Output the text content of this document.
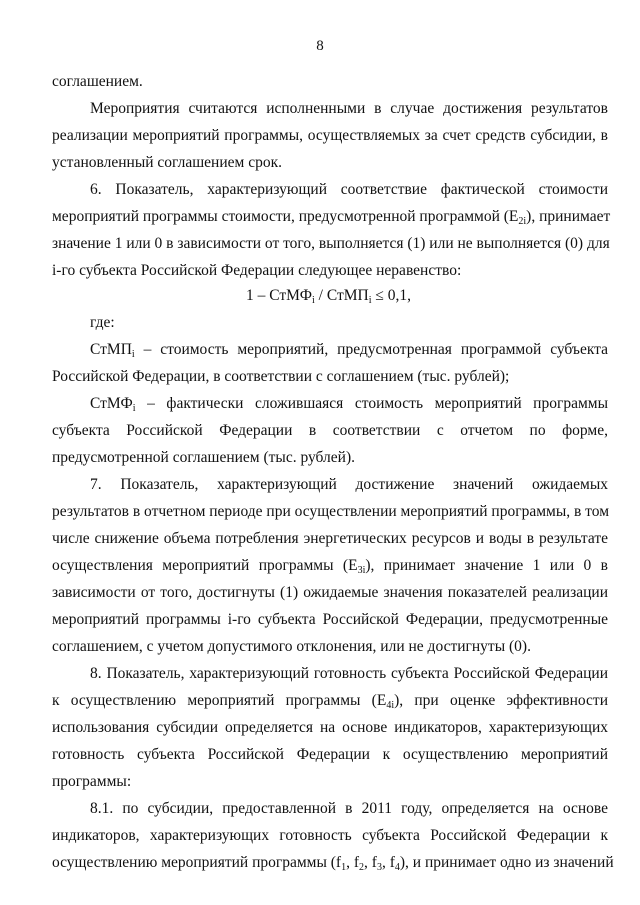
8
соглашением.
Мероприятия считаются исполненными в случае достижения результатов
реализации мероприятий программы, осуществляемых за счет средств субсидии, в
установленный соглашением срок.
6. Показатель, характеризующий соответствие фактической стоимости
мероприятий программы стоимости, предусмотренной программой $(E_{2i})$, принимает
значение 1 или 0 в зависимости от того, выполняется (1) или не выполняется (0) для
i-го субъекта Российской Федерации следующее неравенство:
1 – СтМФ$_i$ / СтМП$_i$ ≤ 0,1,
где:
СтМП$_i$ – стоимость мероприятий, предусмотренная программой субъекта
Российской Федерации, в соответствии с соглашением (тыс. рублей);
СтМФ$_i$ – фактически сложившаяся стоимость мероприятий программы
субъекта Российской Федерации в соответствии с отчетом по форме,
предусмотренной соглашением (тыс. рублей).
7. Показатель, характеризующий достижение значений ожидаемых
результатов в отчетном периоде при осуществлении мероприятий программы, в том
числе снижение объема потребления энергетических ресурсов и воды в результате
осуществления мероприятий программы $(E_{3i})$, принимает значение 1 или 0 в
зависимости от того, достигнуты (1) ожидаемые значения показателей реализации
мероприятий программы i-го субъекта Российской Федерации, предусмотренные
соглашением, с учетом допустимого отклонения, или не достигнуты (0).
8. Показатель, характеризующий готовность субъекта Российской Федерации
к осуществлению мероприятий программы $(E_{4i})$, при оценке эффективности
использования субсидии определяется на основе индикаторов, характеризующих
готовность субъекта Российской Федерации к осуществлению мероприятий
программы:
8.1. по субсидии, предоставленной в 2011 году, определяется на основе
индикаторов, характеризующих готовность субъекта Российской Федерации к
осуществлению мероприятий программы ($f_1$, $f_2$, $f_3$, $f_4$), и принимает одно из значений
